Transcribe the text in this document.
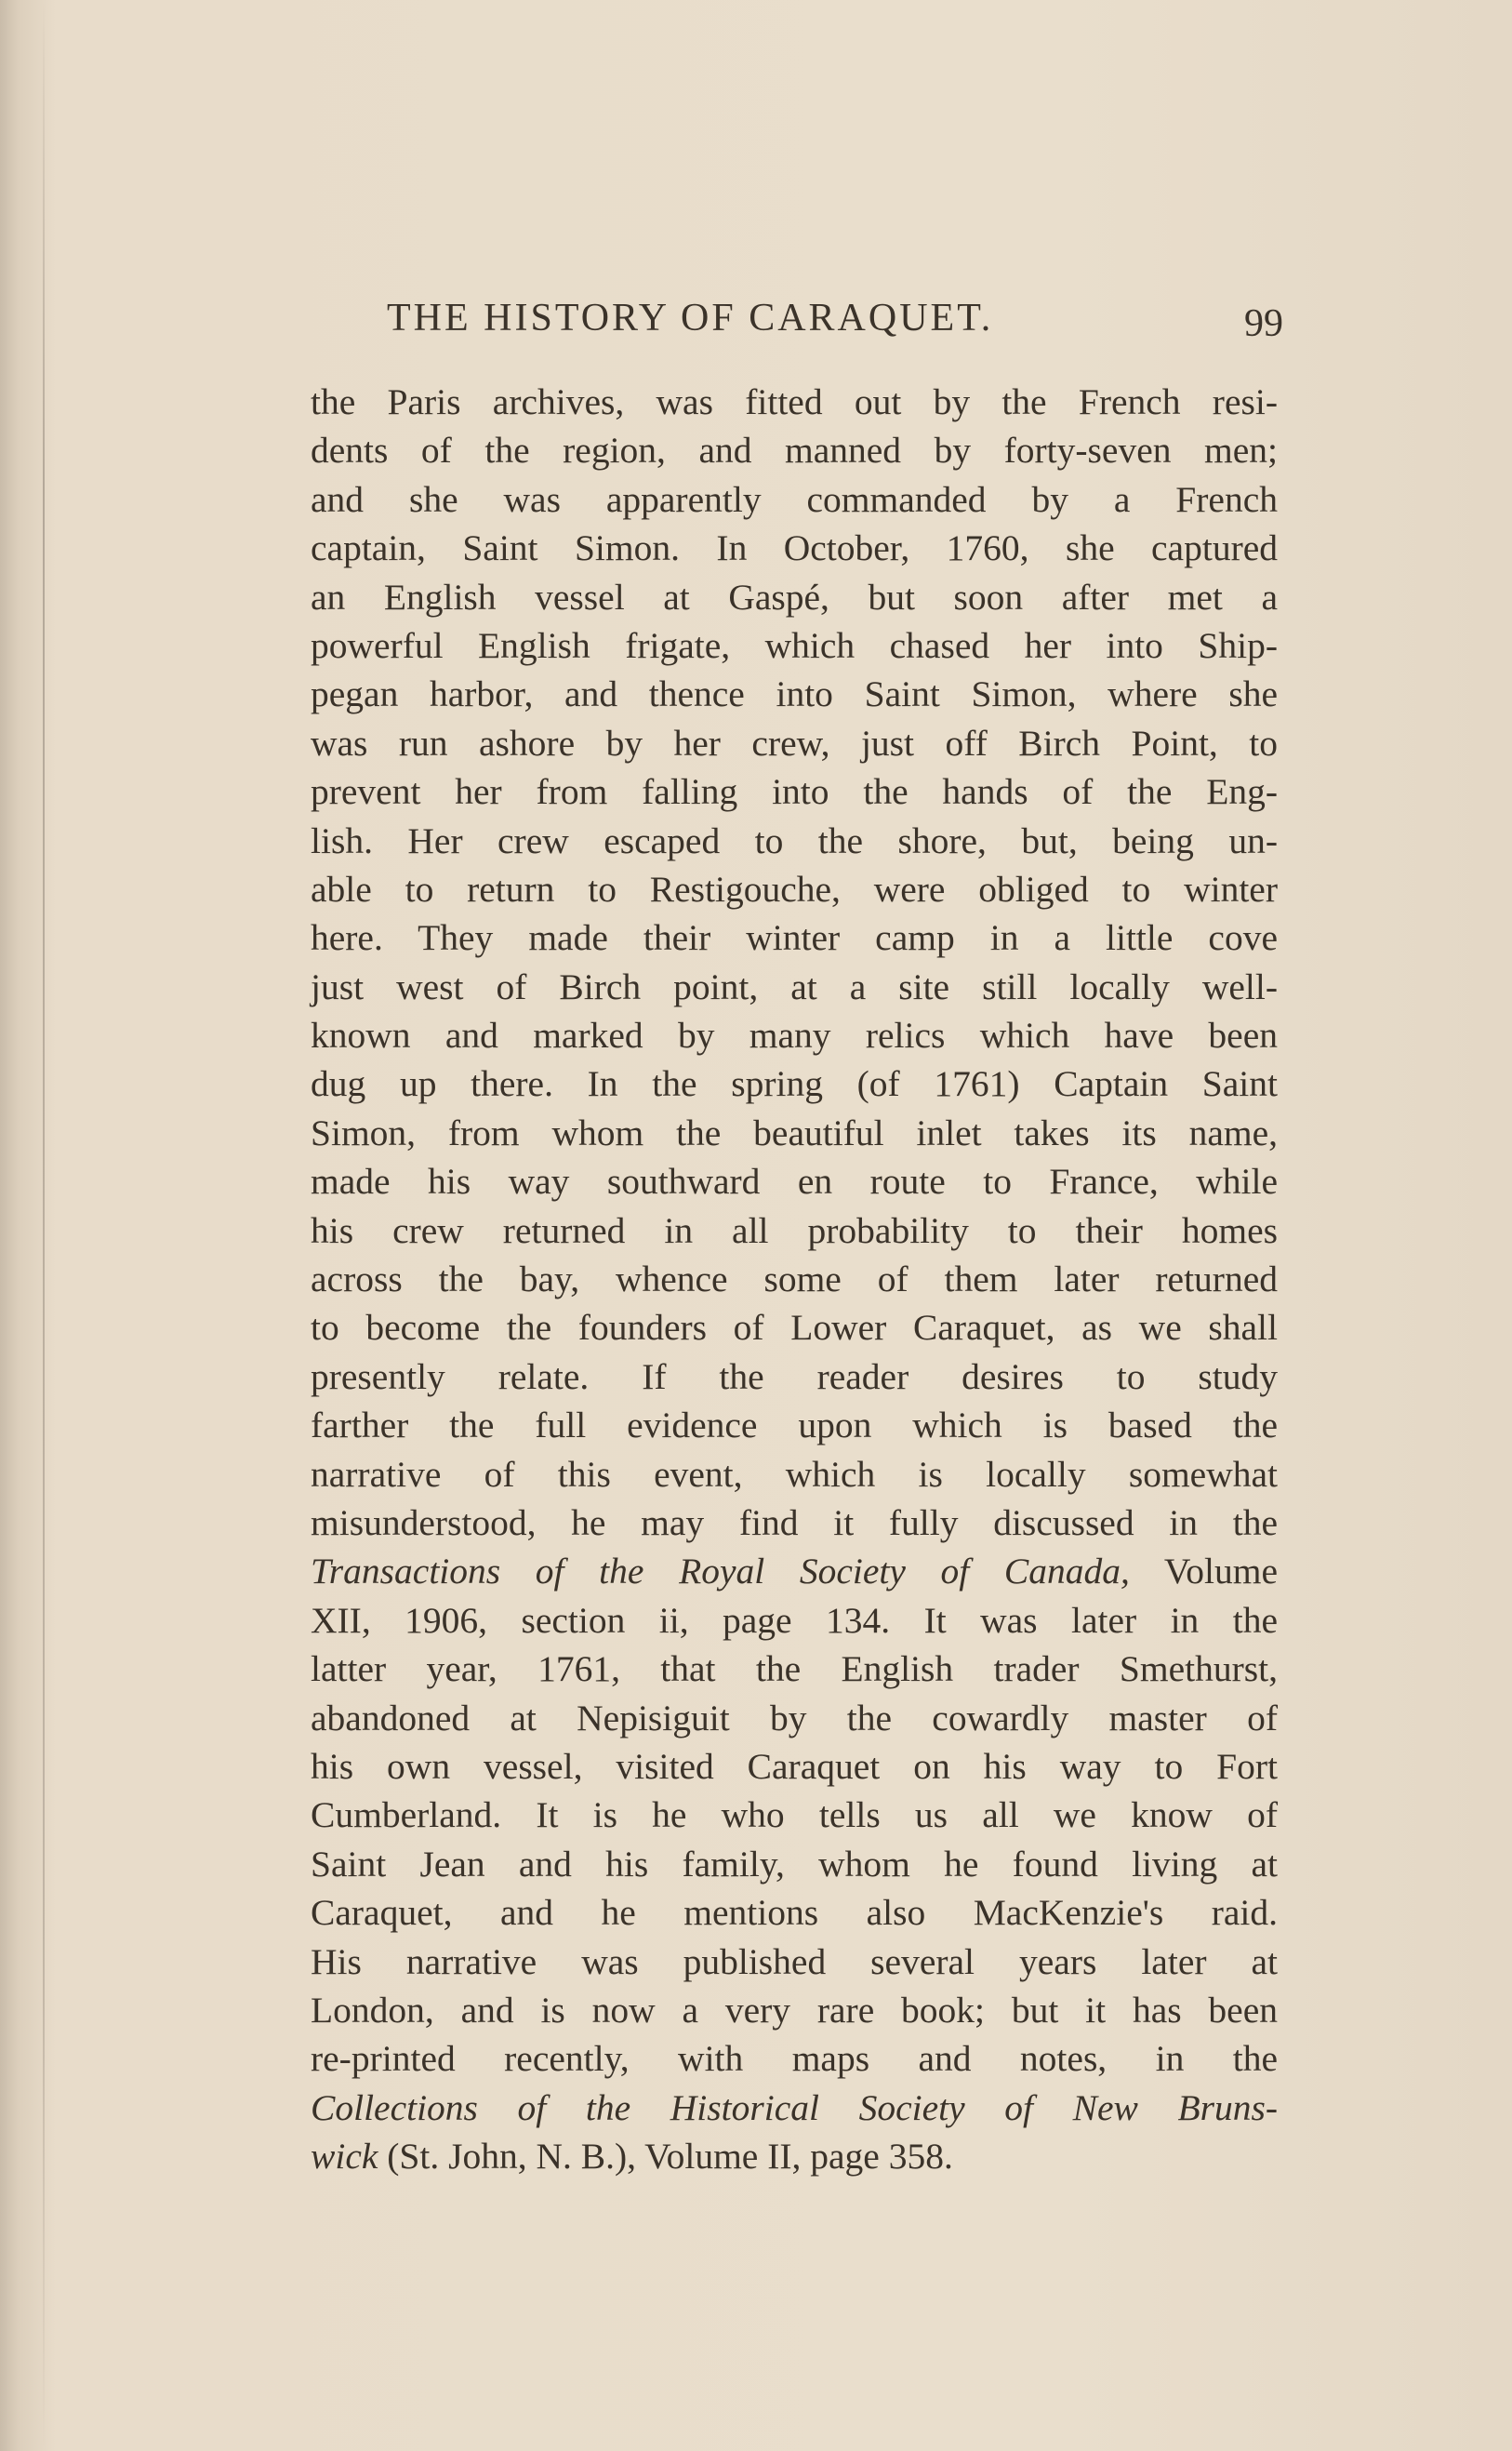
THE HISTORY OF CARAQUET.	99
the Paris archives, was fitted out by the French resi-
dents of the region, and manned by forty-seven men;
and she was apparently commanded by a French
captain, Saint Simon. In October, 1760, she captured
an English vessel at Gaspé, but soon after met a
powerful English frigate, which chased her into Ship-
pegan harbor, and thence into Saint Simon, where she
was run ashore by her crew, just off Birch Point, to
prevent her from falling into the hands of the Eng-
lish. Her crew escaped to the shore, but, being un-
able to return to Restigouche, were obliged to winter
here. They made their winter camp in a little cove
just west of Birch point, at a site still locally well-
known and marked by many relics which have been
dug up there. In the spring (of 1761) Captain Saint
Simon, from whom the beautiful inlet takes its name,
made his way southward en route to France, while
his crew returned in all probability to their homes
across the bay, whence some of them later returned
to become the founders of Lower Caraquet, as we shall
presently relate. If the reader desires to study
farther the full evidence upon which is based the
narrative of this event, which is locally somewhat
misunderstood, he may find it fully discussed in the
Transactions of the Royal Society of Canada, Volume
XII, 1906, section ii, page 134. It was later in the
latter year, 1761, that the English trader Smethurst,
abandoned at Nepisiguit by the cowardly master of
his own vessel, visited Caraquet on his way to Fort
Cumberland. It is he who tells us all we know of
Saint Jean and his family, whom he found living at
Caraquet, and he mentions also MacKenzie's raid.
His narrative was published several years later at
London, and is now a very rare book; but it has been
re-printed recently, with maps and notes, in the
Collections of the Historical Society of New Bruns-
wick (St. John, N. B.), Volume II, page 358.
